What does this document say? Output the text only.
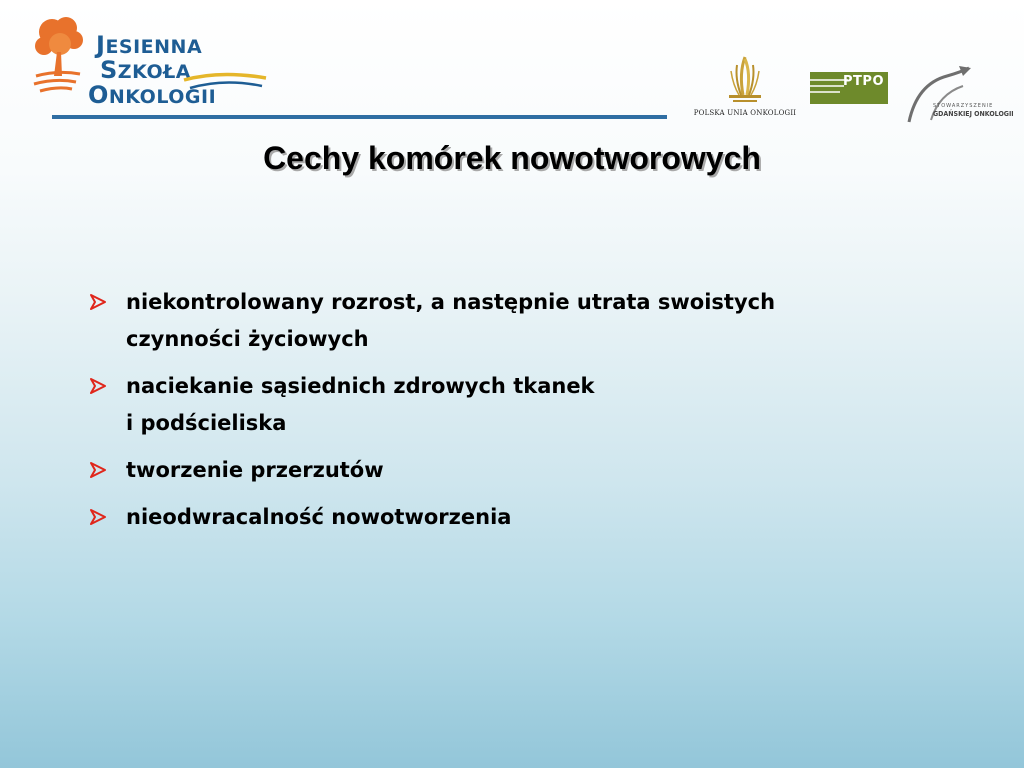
JESIENNA
SZKOŁA
ONKOLOGII
POLSKA UNIA ONKOLOGII
PTPO
STOWARZYSZENIE
GDAŃSKIEJ ONKOLOGII
Cechy komórek nowotworowych
niekontrolowany rozrost, a następnie utrata swoistych
czynności życiowych
naciekanie sąsiednich zdrowych tkanek
i podścieliska
tworzenie przerzutów
nieodwracalność nowotworzenia
